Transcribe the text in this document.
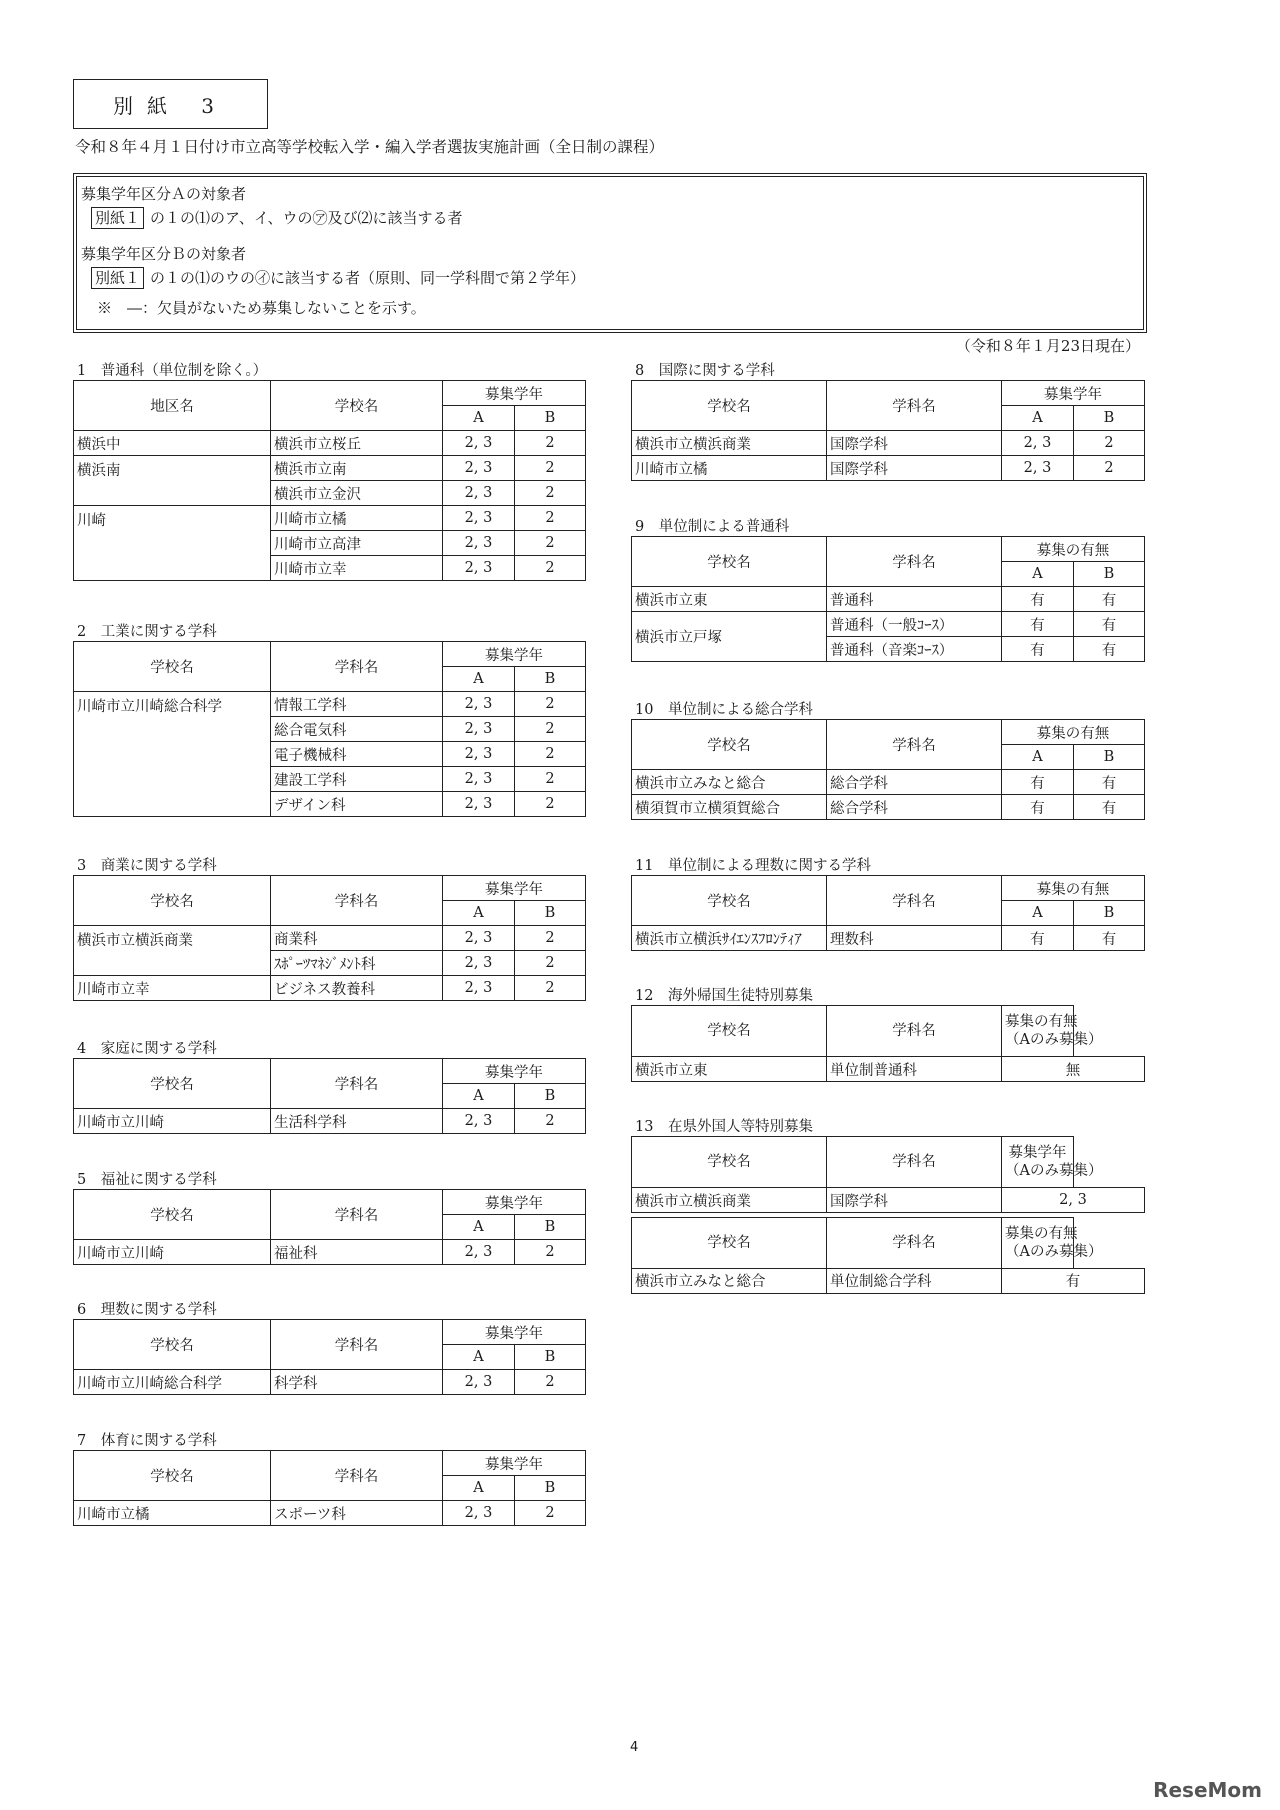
別紙 3
令和８年４月１日付け市立高等学校転入学・編入学者選抜実施計画（全日制の課程）
募集学年区分Ａの対象者
別紙１ の１の⑴のア、イ、ウの㋐及び⑵に該当する者
募集学年区分Ｂの対象者
別紙１ の１の⑴のウの㋑に該当する者（原則、同一学科間で第２学年）
※　―：欠員がないため募集しないことを示す。
（令和８年１月23日現在）
1　普通科（単位制を除く。）
地区名	学校名	募集学年	
		A	B
横浜中	横浜市立桜丘	2, 3	2
横浜南	横浜市立南	2, 3	2
	横浜市立金沢	2, 3	2
川崎	川崎市立橘	2, 3	2
	川崎市立高津	2, 3	2
	川崎市立幸	2, 3	2
2　工業に関する学科
学校名	学科名	募集学年	
		A	B
川崎市立川崎総合科学	情報工学科	2, 3	2
	総合電気科	2, 3	2
	電子機械科	2, 3	2
	建設工学科	2, 3	2
	デザイン科	2, 3	2
3　商業に関する学科
学校名	学科名	募集学年	
		A	B
横浜市立横浜商業	商業科	2, 3	2
	ｽﾎﾟｰﾂﾏﾈｼﾞﾒﾝﾄ科	2, 3	2
川崎市立幸	ビジネス教養科	2, 3	2
4　家庭に関する学科
学校名	学科名	募集学年	
		A	B
川崎市立川崎	生活科学科	2, 3	2
5　福祉に関する学科
学校名	学科名	募集学年	
		A	B
川崎市立川崎	福祉科	2, 3	2
6　理数に関する学科
学校名	学科名	募集学年	
		A	B
川崎市立川崎総合科学	科学科	2, 3	2
7　体育に関する学科
学校名	学科名	募集学年	
		A	B
川崎市立橘	スポーツ科	2, 3	2
8　国際に関する学科
学校名	学科名	募集学年	
		A	B
横浜市立横浜商業	国際学科	2, 3	2
川崎市立橘	国際学科	2, 3	2
9　単位制による普通科
学校名	学科名	募集の有無	
		A	B
横浜市立東	普通科	有	有
横浜市立戸塚	普通科（一般ｺｰｽ）	有	有
	普通科（音楽ｺｰｽ）	有	有
10　単位制による総合学科
学校名	学科名	募集の有無	
		A	B
横浜市立みなと総合	総合学科	有	有
横須賀市立横須賀総合	総合学科	有	有
11　単位制による理数に関する学科
学校名	学科名	募集の有無	
		A	B
横浜市立横浜ｻｲｴﾝｽﾌﾛﾝﾃｨｱ	理数科	有	有
12　海外帰国生徒特別募集
学校名	学科名	募集の有無
（Aのみ募集）

横浜市立東	単位制普通科	無
13　在県外国人等特別募集
学校名	学科名	募集学年
（Aのみ募集）

横浜市立横浜商業	国際学科	2, 3
学校名	学科名	募集の有無
（Aのみ募集）

横浜市立みなと総合	単位制総合学科	有
4
ReseMom
